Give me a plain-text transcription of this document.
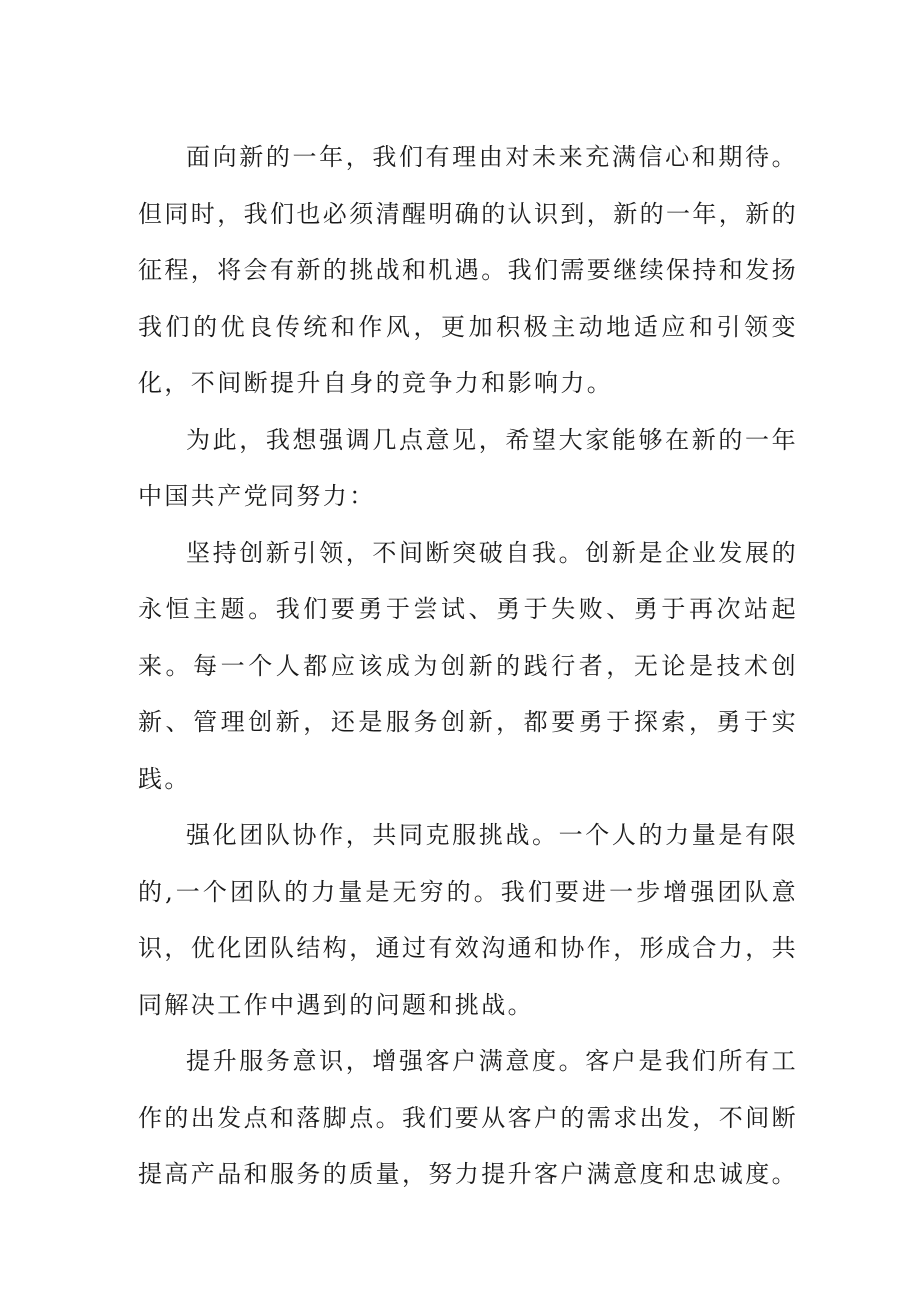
面向新的一年，我们有理由对未来充满信心和期待。但同时，我们也必须清醒明确的认识到，新的一年，新的征程，将会有新的挑战和机遇。我们需要继续保持和发扬我们的优良传统和作风，更加积极主动地适应和引领变化，不间断提升自身的竞争力和影响力。

为此，我想强调几点意见，希望大家能够在新的一年中国共产党同努力：

坚持创新引领，不间断突破自我。创新是企业发展的永恒主题。我们要勇于尝试、勇于失败、勇于再次站起来。每一个人都应该成为创新的践行者，无论是技术创新、管理创新，还是服务创新，都要勇于探索，勇于实践。

强化团队协作，共同克服挑战。一个人的力量是有限的,一个团队的力量是无穷的。我们要进一步增强团队意识，优化团队结构，通过有效沟通和协作，形成合力，共同解决工作中遇到的问题和挑战。

提升服务意识，增强客户满意度。客户是我们所有工作的出发点和落脚点。我们要从客户的需求出发，不间断提高产品和服务的质量，努力提升客户满意度和忠诚度。
